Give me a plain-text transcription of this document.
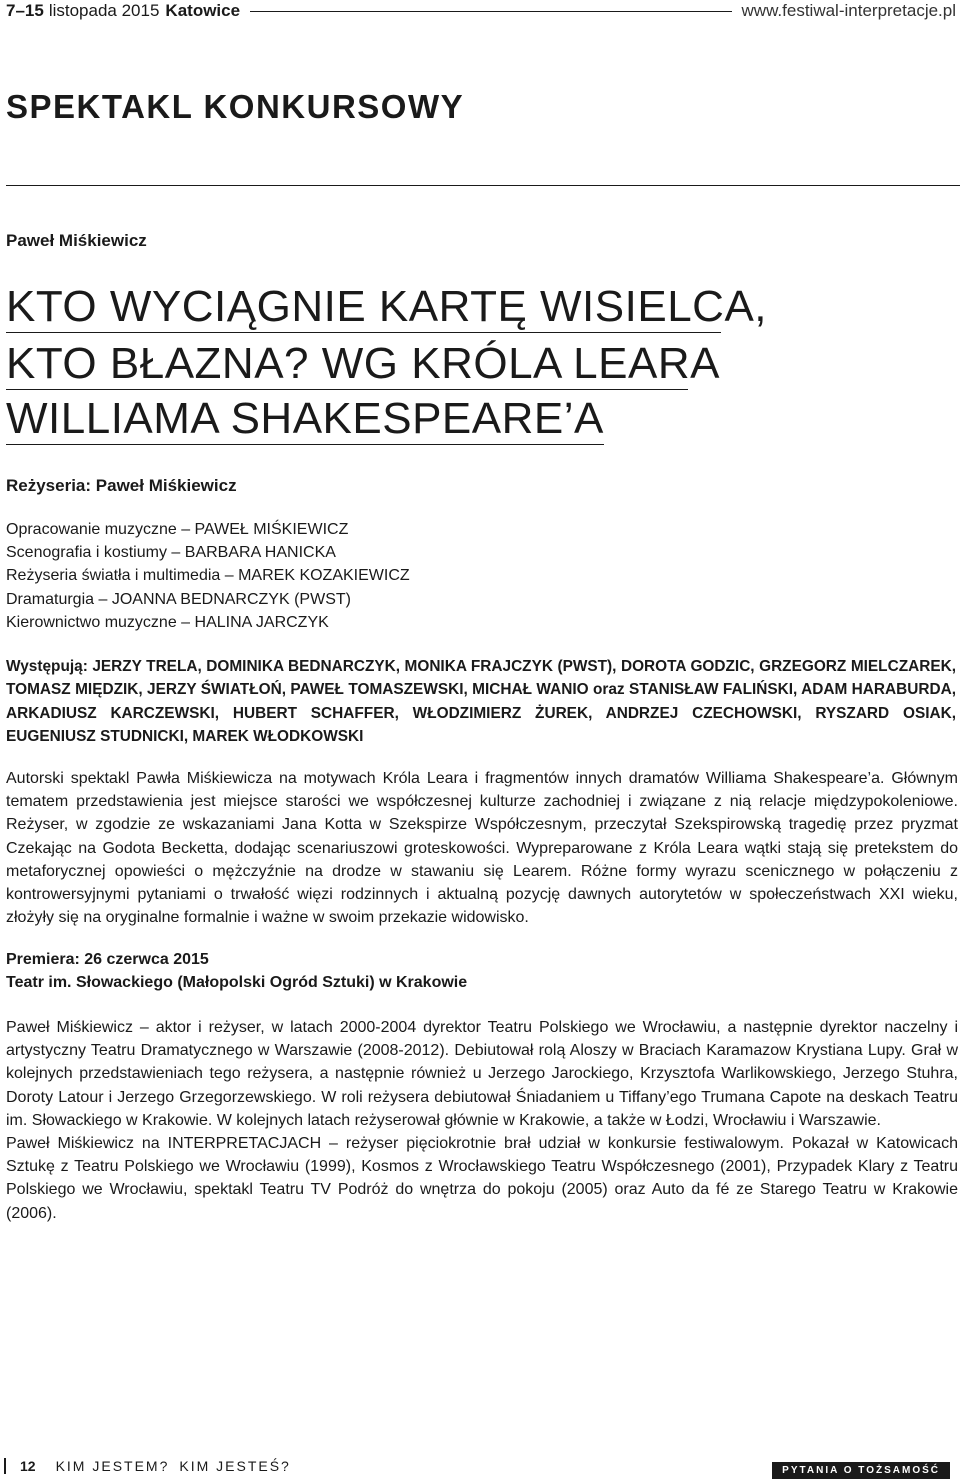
7–15 listopada 2015 Katowice	www.festiwal-interpretacje.pl
SPEKTAKL KONKURSOWY
Paweł Miśkiewicz
KTO WYCIĄGNIE KARTĘ WISIELCA,
KTO BŁAZNA? WG KRÓLA LEARA
WILLIAMA SHAKESPEARE’A
Reżyseria: Paweł Miśkiewicz
Opracowanie muzyczne – PAWEŁ MIŚKIEWICZ
Scenografia i kostiumy – BARBARA HANICKA
Reżyseria światła i multimedia – MAREK KOZAKIEWICZ
Dramaturgia – JOANNA BEDNARCZYK (PWST)
Kierownictwo muzyczne – HALINA JARCZYK
Występują: JERZY TRELA, DOMINIKA BEDNARCZYK, MONIKA FRAJCZYK (PWST), DOROTA GODZIC, GRZEGORZ MIELCZAREK, TOMASZ MIĘDZIK, JERZY ŚWIATŁOŃ, PAWEŁ TOMASZEWSKI, MICHAŁ WANIO oraz STANISŁAW FALIŃSKI, ADAM HARABURDA, ARKADIUSZ KARCZEWSKI, HUBERT SCHAFFER, WŁODZIMIERZ ŻUREK, ANDRZEJ CZECHOWSKI, RYSZARD OSIAK, EUGENIUSZ STUDNICKI, MAREK WŁODKOWSKI
Autorski spektakl Pawła Miśkiewicza na motywach Króla Leara i fragmentów innych dramatów Williama Shakespeare’a. Głównym tematem przedstawienia jest miejsce starości we współczesnej kulturze zachodniej i związane z nią relacje międzypokoleniowe. Reżyser, w zgodzie ze wskazaniami Jana Kotta w Szekspirze Współczesnym, przeczytał Szekspirowską tragedię przez pryzmat Czekając na Godota Becketta, dodając scenariuszowi groteskowości. Wypreparowane z Króla Leara wątki stają się pretekstem do metaforycznej opowieści o mężczyźnie na drodze w stawaniu się Learem. Różne formy wyrazu scenicznego w połączeniu z kontrowersyjnymi pytaniami o trwałość więzi rodzinnych i aktualną pozycję dawnych autorytetów w społeczeństwach XXI wieku, złożyły się na oryginalne formalnie i ważne w swoim przekazie widowisko.
Premiera: 26 czerwca 2015
Teatr im. Słowackiego (Małopolski Ogród Sztuki) w Krakowie

Paweł Miśkiewicz – aktor i reżyser, w latach 2000-2004 dyrektor Teatru Polskiego we Wrocławiu, a następnie dyrektor naczelny i artystyczny Teatru Dramatycznego w Warszawie (2008-2012). Debiutował rolą Aloszy w Braciach Karamazow Krystiana Lupy. Grał w kolejnych przedstawieniach tego reżysera, a następnie również u Jerzego Jarockiego, Krzysztofa Warlikowskiego, Jerzego Stuhra, Doroty Latour i Jerzego Grzegorzewskiego. W roli reżysera debiutował Śniadaniem u Tiffany’ego Trumana Capote na deskach Teatru im. Słowackiego w Krakowie. W kolejnych latach reżyserował głównie w Krakowie, a także w Łodzi, Wrocławiu i Warszawie.

Paweł Miśkiewicz na INTERPRETACJACH – reżyser pięciokrotnie brał udział w konkursie festiwalowym. Pokazał w Katowicach Sztukę z Teatru Polskiego we Wrocławiu (1999), Kosmos z Wrocławskiego Teatru Współczesnego (2001), Przypadek Klary z Teatru Polskiego we Wrocławiu, spektakl Teatru TV Podróż do wnętrza do pokoju (2005) oraz Auto da fé ze Starego Teatru w Krakowie (2006).

12 KIM JESTEM? KIM JESTEŚ?	PYTANIA O TOŻSAMOŚĆ
